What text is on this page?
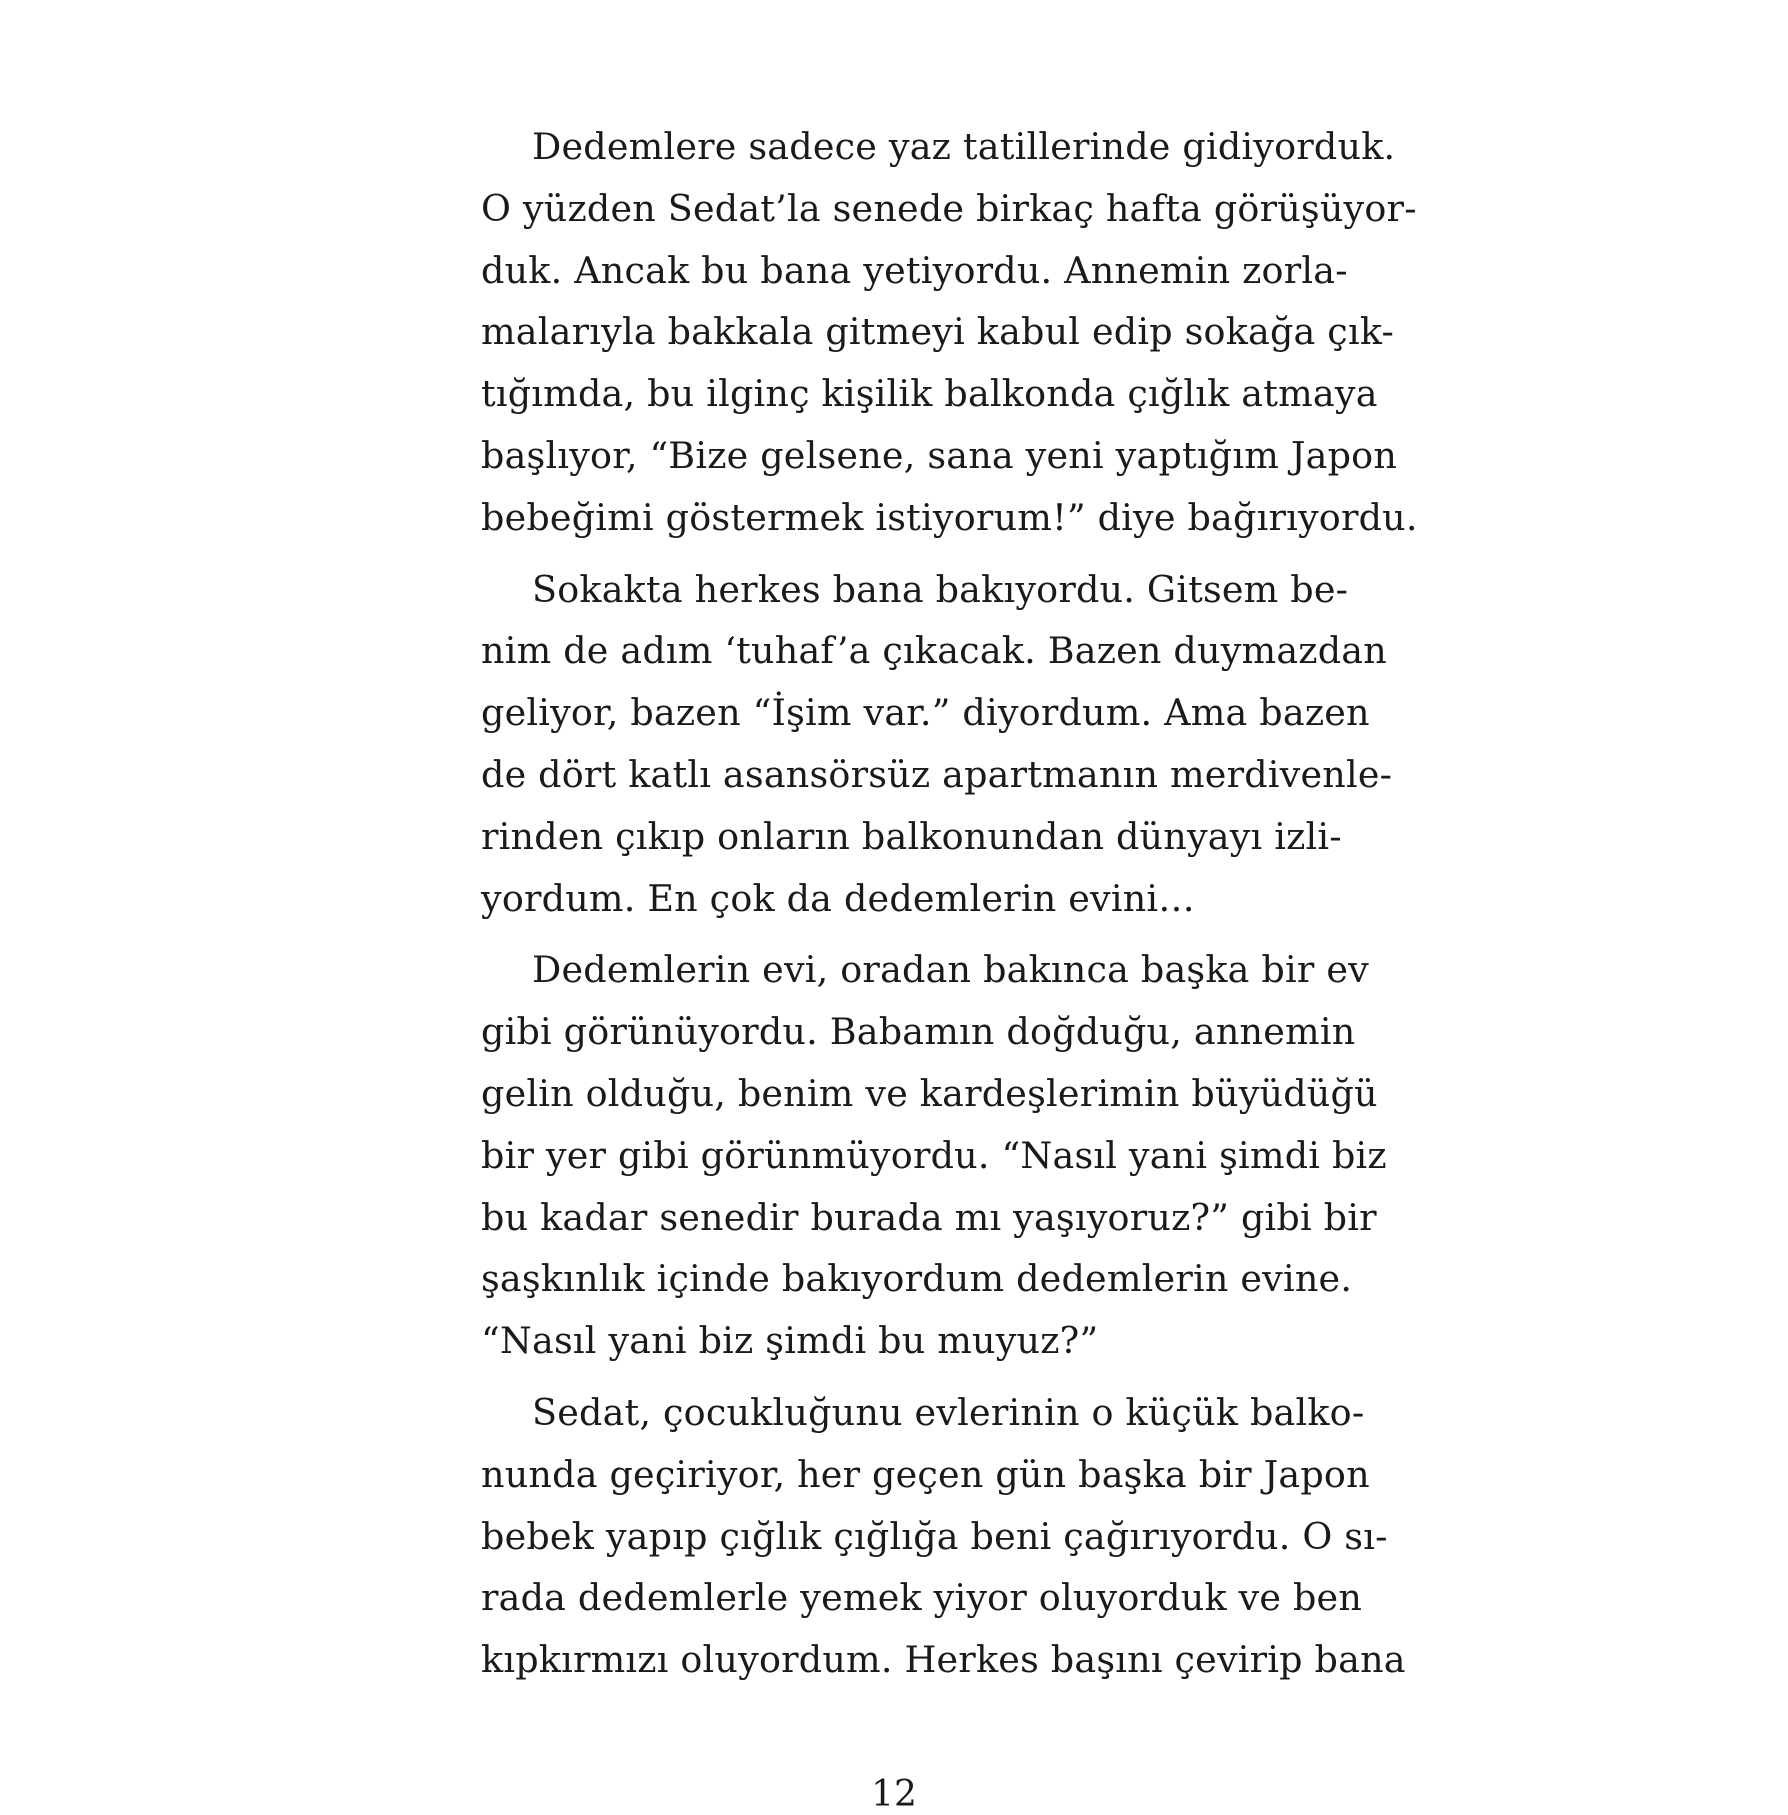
Dedemlere sadece yaz tatillerinde gidiyorduk.
O yüzden Sedat’la senede birkaç hafta görüşüyor-
duk. Ancak bu bana yetiyordu. Annemin zorla-
malarıyla bakkala gitmeyi kabul edip sokağa çık-
tığımda, bu ilginç kişilik balkonda çığlık atmaya
başlıyor, “Bize gelsene, sana yeni yaptığım Japon
bebeğimi göstermek istiyorum!” diye bağırıyordu.

Sokakta herkes bana bakıyordu. Gitsem be-
nim de adım ‘tuhaf’a çıkacak. Bazen duymazdan
geliyor, bazen “İşim var.” diyordum. Ama bazen
de dört katlı asansörsüz apartmanın merdivenle-
rinden çıkıp onların balkonundan dünyayı izli-
yordum. En çok da dedemlerin evini…

Dedemlerin evi, oradan bakınca başka bir ev
gibi görünüyordu. Babamın doğduğu, annemin
gelin olduğu, benim ve kardeşlerimin büyüdüğü
bir yer gibi görünmüyordu. “Nasıl yani şimdi biz
bu kadar senedir burada mı yaşıyoruz?” gibi bir
şaşkınlık içinde bakıyordum dedemlerin evine.
“Nasıl yani biz şimdi bu muyuz?”

Sedat, çocukluğunu evlerinin o küçük balko-
nunda geçiriyor, her geçen gün başka bir Japon
bebek yapıp çığlık çığlığa beni çağırıyordu. O sı-
rada dedemlerle yemek yiyor oluyorduk ve ben
kıpkırmızı oluyordum. Herkes başını çevirip bana

12
